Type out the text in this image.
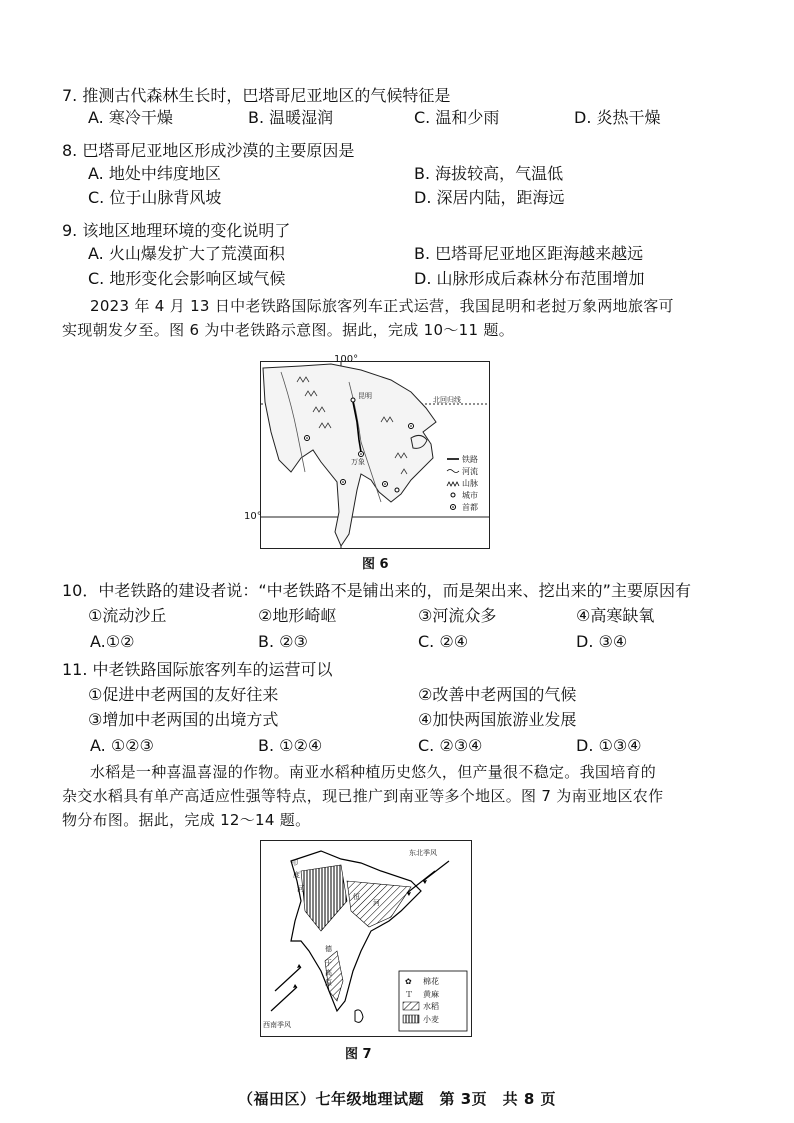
7. 推测古代森林生长时，巴塔哥尼亚地区的气候特征是
A. 寒冷干燥	B. 温暖湿润	C. 温和少雨	D. 炎热干燥
8. 巴塔哥尼亚地区形成沙漠的主要原因是
A. 地处中纬度地区	B. 海拔较高，气温低
C. 位于山脉背风坡	D. 深居内陆，距海远
9. 该地区地理环境的变化说明了
A. 火山爆发扩大了荒漠面积	B. 巴塔哥尼亚地区距海越来越远
C. 地形变化会影响区域气候	D. 山脉形成后森林分布范围增加
2023 年 4 月 13 日中老铁路国际旅客列车正式运营，我国昆明和老挝万象两地旅客可
实现朝发夕至。图 6 为中老铁路示意图。据此，完成 10～11 题。
昆明
万象
北回归线
铁路
河流
山脉
城市
首都
100°
10°
图 6
10．中老铁路的建设者说：“中老铁路不是铺出来的，而是架出来、挖出来的”主要原因有
①流动沙丘	②地形崎岖	③河流众多	④高寒缺氧
A.①②	B. ②③	C. ②④	D. ③④
11. 中老铁路国际旅客列车的运营可以
①促进中老两国的友好往来	②改善中老两国的气候
③增加中老两国的出境方式	④加快两国旅游业发展
A. ①②③	B. ①②④	C. ②③④	D. ①③④
水稻是一种喜温喜湿的作物。南亚水稻种植历史悠久，但产量很不稳定。我国培育的
杂交水稻具有单产高适应性强等特点，现已推广到南亚等多个地区。图 7 为南亚地区农作
物分布图。据此，完成 12～14 题。
印
度
河
恒
河
德
干
高
原
东北季风
西南季风
✿ 棉花
Ｔ 黄麻
水稻
小麦
图 7
（福田区）七年级地理试题　第 3页　共 8 页
